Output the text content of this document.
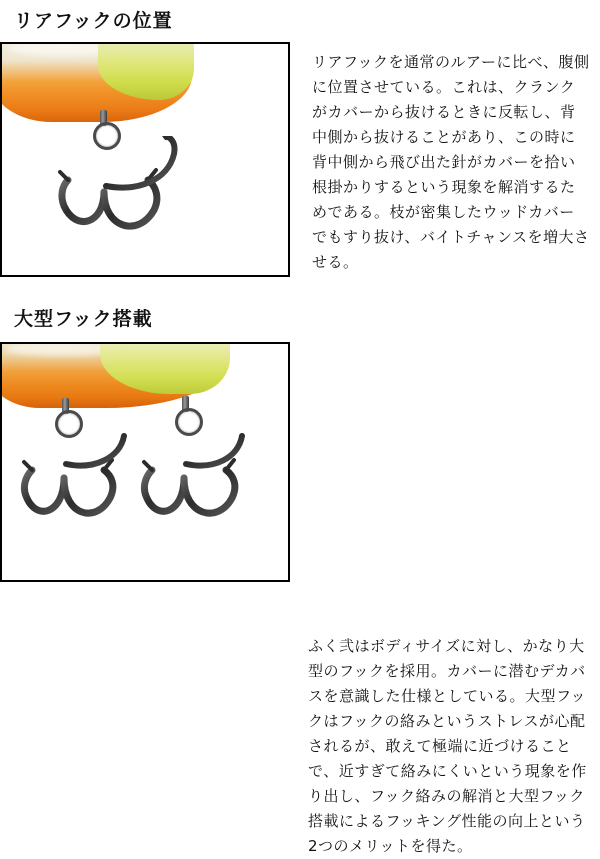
リアフックの位置
リアフックを通常のルアーに比べ、腹側に位置させている。これは、クランクがカバーから抜けるときに反転し、背中側から抜けることがあり、この時に背中側から飛び出た針がカバーを拾い根掛かりするという現象を解消するためである。枝が密集したウッドカバーでもすり抜け、バイトチャンスを増大させる。
大型フック搭載
ふく弐はボディサイズに対し、かなり大型のフックを採用。カバーに潜むデカバスを意識した仕様としている。大型フックはフックの絡みというストレスが心配されるが、敢えて極端に近づけることで、近すぎて絡みにくいという現象を作り出し、フック絡みの解消と大型フック搭載によるフッキング性能の向上という2つのメリットを得た。
